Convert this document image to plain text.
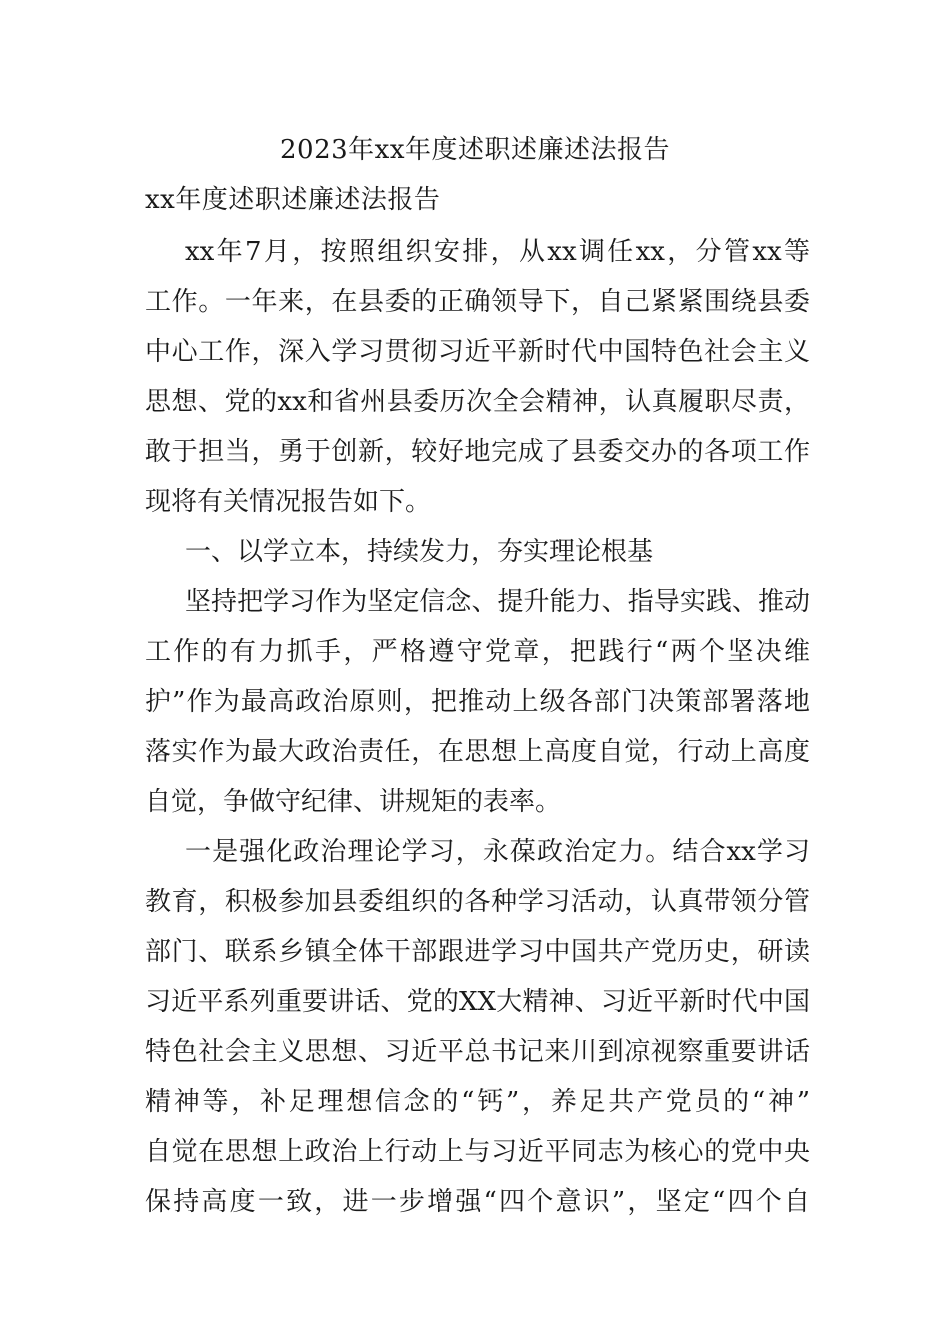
2023年xx年度述职述廉述法报告
xx年度述职述廉述法报告
xx年7月，按照组织安排，从xx调任xx，分管xx等
工作。一年来，在县委的正确领导下，自己紧紧围绕县委
中心工作，深入学习贯彻习近平新时代中国特色社会主义
思想、党的xx和省州县委历次全会精神，认真履职尽责，
敢于担当，勇于创新，较好地完成了县委交办的各项工作
现将有关情况报告如下。
一、以学立本，持续发力，夯实理论根基
坚持把学习作为坚定信念、提升能力、指导实践、推动
工作的有力抓手，严格遵守党章，把践行“两个坚决维
护”作为最高政治原则，把推动上级各部门决策部署落地
落实作为最大政治责任，在思想上高度自觉，行动上高度
自觉，争做守纪律、讲规矩的表率。
一是强化政治理论学习，永葆政治定力。结合xx学习
教育，积极参加县委组织的各种学习活动，认真带领分管
部门、联系乡镇全体干部跟进学习中国共产党历史，研读
习近平系列重要讲话、党的XX大精神、习近平新时代中国
特色社会主义思想、习近平总书记来川到凉视察重要讲话
精神等，补足理想信念的“钙”，养足共产党员的“神”
自觉在思想上政治上行动上与习近平同志为核心的党中央
保持高度一致，进一步增强“四个意识”，坚定“四个自
